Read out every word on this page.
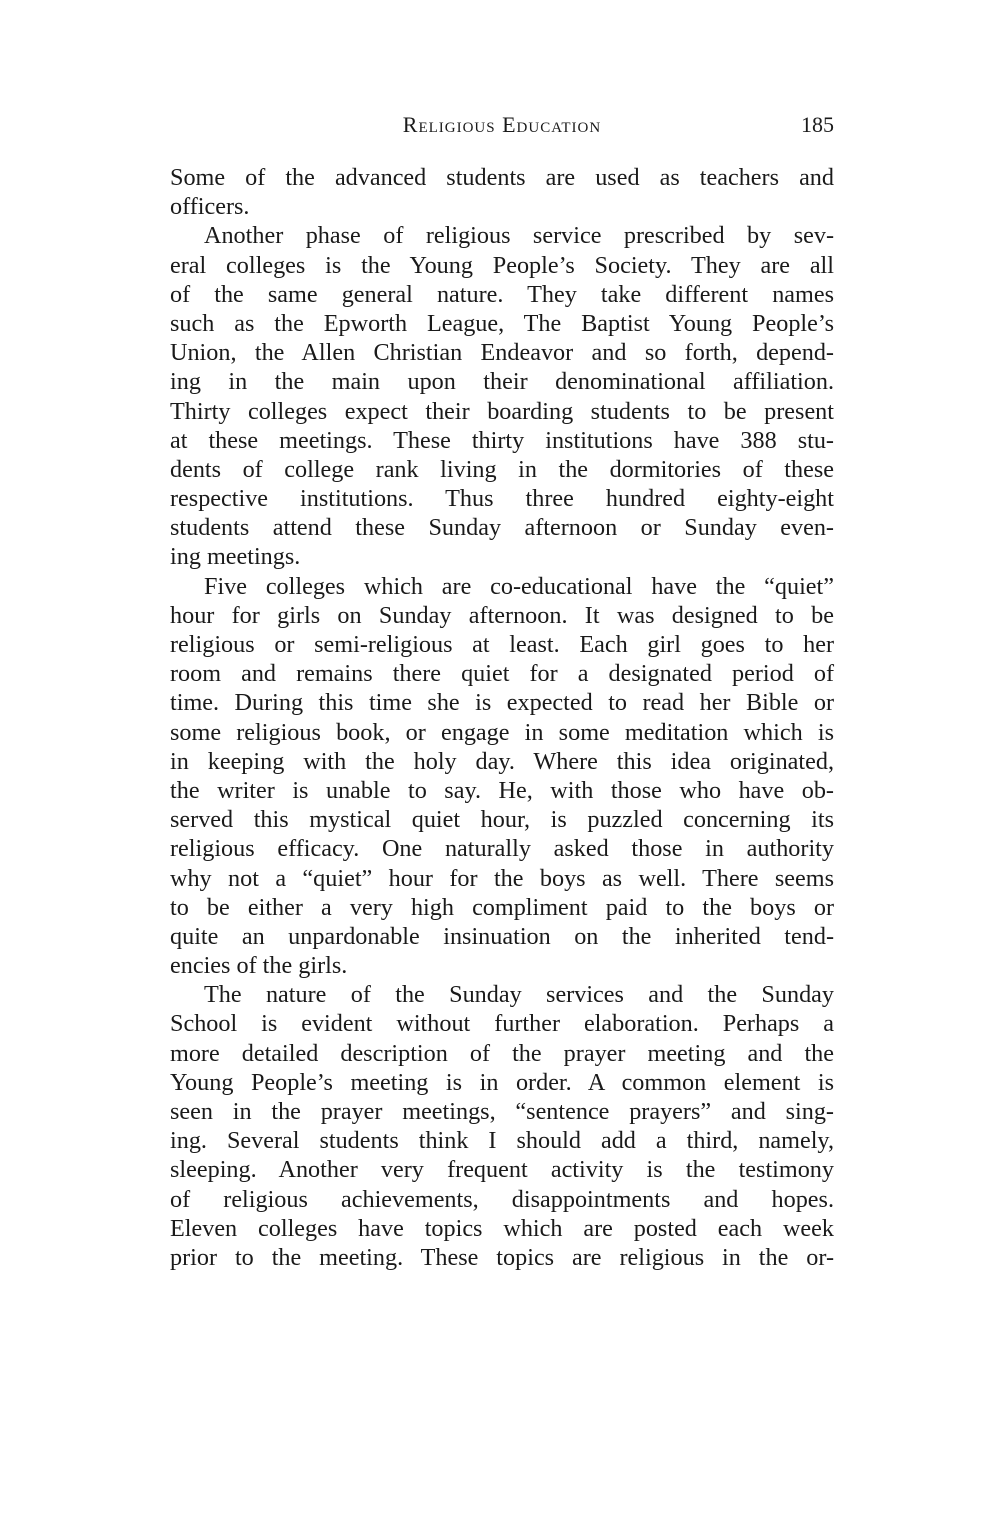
Religious Education	185
Some of the advanced students are used as teachers and
officers.
Another phase of religious service prescribed by sev-
eral colleges is the Young People’s Society. They are all
of the same general nature. They take different names
such as the Epworth League, The Baptist Young People’s
Union, the Allen Christian Endeavor and so forth, depend-
ing in the main upon their denominational affiliation.
Thirty colleges expect their boarding students to be present
at these meetings. These thirty institutions have 388 stu-
dents of college rank living in the dormitories of these
respective institutions. Thus three hundred eighty-eight
students attend these Sunday afternoon or Sunday even-
ing meetings.
Five colleges which are co-educational have the “quiet”
hour for girls on Sunday afternoon. It was designed to be
religious or semi-religious at least. Each girl goes to her
room and remains there quiet for a designated period of
time. During this time she is expected to read her Bible or
some religious book, or engage in some meditation which is
in keeping with the holy day. Where this idea originated,
the writer is unable to say. He, with those who have ob-
served this mystical quiet hour, is puzzled concerning its
religious efficacy. One naturally asked those in authority
why not a “quiet” hour for the boys as well. There seems
to be either a very high compliment paid to the boys or
quite an unpardonable insinuation on the inherited tend-
encies of the girls.
The nature of the Sunday services and the Sunday
School is evident without further elaboration. Perhaps a
more detailed description of the prayer meeting and the
Young People’s meeting is in order. A common element is
seen in the prayer meetings, “sentence prayers” and sing-
ing. Several students think I should add a third, namely,
sleeping. Another very frequent activity is the testimony
of religious achievements, disappointments and hopes.
Eleven colleges have topics which are posted each week
prior to the meeting. These topics are religious in the or-
